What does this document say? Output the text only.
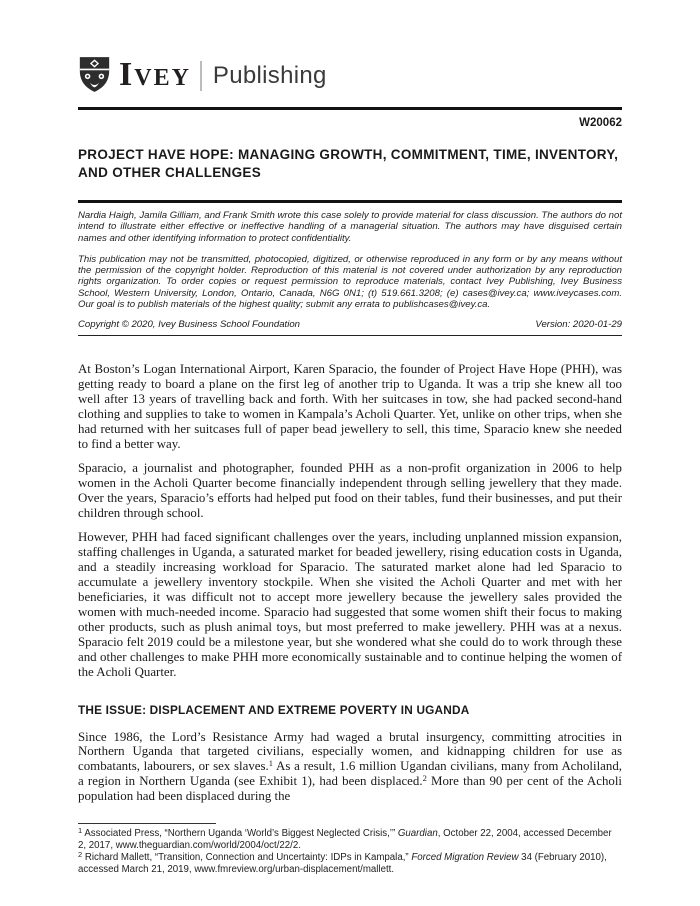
Ivey Publishing
W20062
PROJECT HAVE HOPE: MANAGING GROWTH, COMMITMENT, TIME, INVENTORY, AND OTHER CHALLENGES

Nardia Haigh, Jamila Gilliam, and Frank Smith wrote this case solely to provide material for class discussion. The authors do not intend to illustrate either effective or ineffective handling of a managerial situation. The authors may have disguised certain names and other identifying information to protect confidentiality.

This publication may not be transmitted, photocopied, digitized, or otherwise reproduced in any form or by any means without the permission of the copyright holder. Reproduction of this material is not covered under authorization by any reproduction rights organization. To order copies or request permission to reproduce materials, contact Ivey Publishing, Ivey Business School, Western University, London, Ontario, Canada, N6G 0N1; (t) 519.661.3208; (e) cases@ivey.ca; www.iveycases.com. Our goal is to publish materials of the highest quality; submit any errata to publishcases@ivey.ca.

Copyright © 2020, Ivey Business School Foundation	Version: 2020-01-29

At Boston’s Logan International Airport, Karen Sparacio, the founder of Project Have Hope (PHH), was getting ready to board a plane on the first leg of another trip to Uganda. It was a trip she knew all too well after 13 years of travelling back and forth. With her suitcases in tow, she had packed second-hand clothing and supplies to take to women in Kampala’s Acholi Quarter. Yet, unlike on other trips, when she had returned with her suitcases full of paper bead jewellery to sell, this time, Sparacio knew she needed to find a better way.

Sparacio, a journalist and photographer, founded PHH as a non-profit organization in 2006 to help women in the Acholi Quarter become financially independent through selling jewellery that they made. Over the years, Sparacio’s efforts had helped put food on their tables, fund their businesses, and put their children through school.

However, PHH had faced significant challenges over the years, including unplanned mission expansion, staffing challenges in Uganda, a saturated market for beaded jewellery, rising education costs in Uganda, and a steadily increasing workload for Sparacio. The saturated market alone had led Sparacio to accumulate a jewellery inventory stockpile. When she visited the Acholi Quarter and met with her beneficiaries, it was difficult not to accept more jewellery because the jewellery sales provided the women with much-needed income. Sparacio had suggested that some women shift their focus to making other products, such as plush animal toys, but most preferred to make jewellery. PHH was at a nexus. Sparacio felt 2019 could be a milestone year, but she wondered what she could do to work through these and other challenges to make PHH more economically sustainable and to continue helping the women of the Acholi Quarter.

THE ISSUE: DISPLACEMENT AND EXTREME POVERTY IN UGANDA

Since 1986, the Lord’s Resistance Army had waged a brutal insurgency, committing atrocities in Northern Uganda that targeted civilians, especially women, and kidnapping children for use as combatants, labourers, or sex slaves.$^1$ As a result, 1.6 million Ugandan civilians, many from Acholiland, a region in Northern Uganda (see Exhibit 1), had been displaced.$^2$ More than 90 per cent of the Acholi population had been displaced during the

$^1$ Associated Press, “Northern Uganda ‘World’s Biggest Neglected Crisis,’” Guardian, October 22, 2004, accessed December 2, 2017, www.theguardian.com/world/2004/oct/22/2.

$^2$ Richard Mallett, “Transition, Connection and Uncertainty: IDPs in Kampala,” Forced Migration Review 34 (February 2010), accessed March 21, 2019, www.fmreview.org/urban-displacement/mallett.
